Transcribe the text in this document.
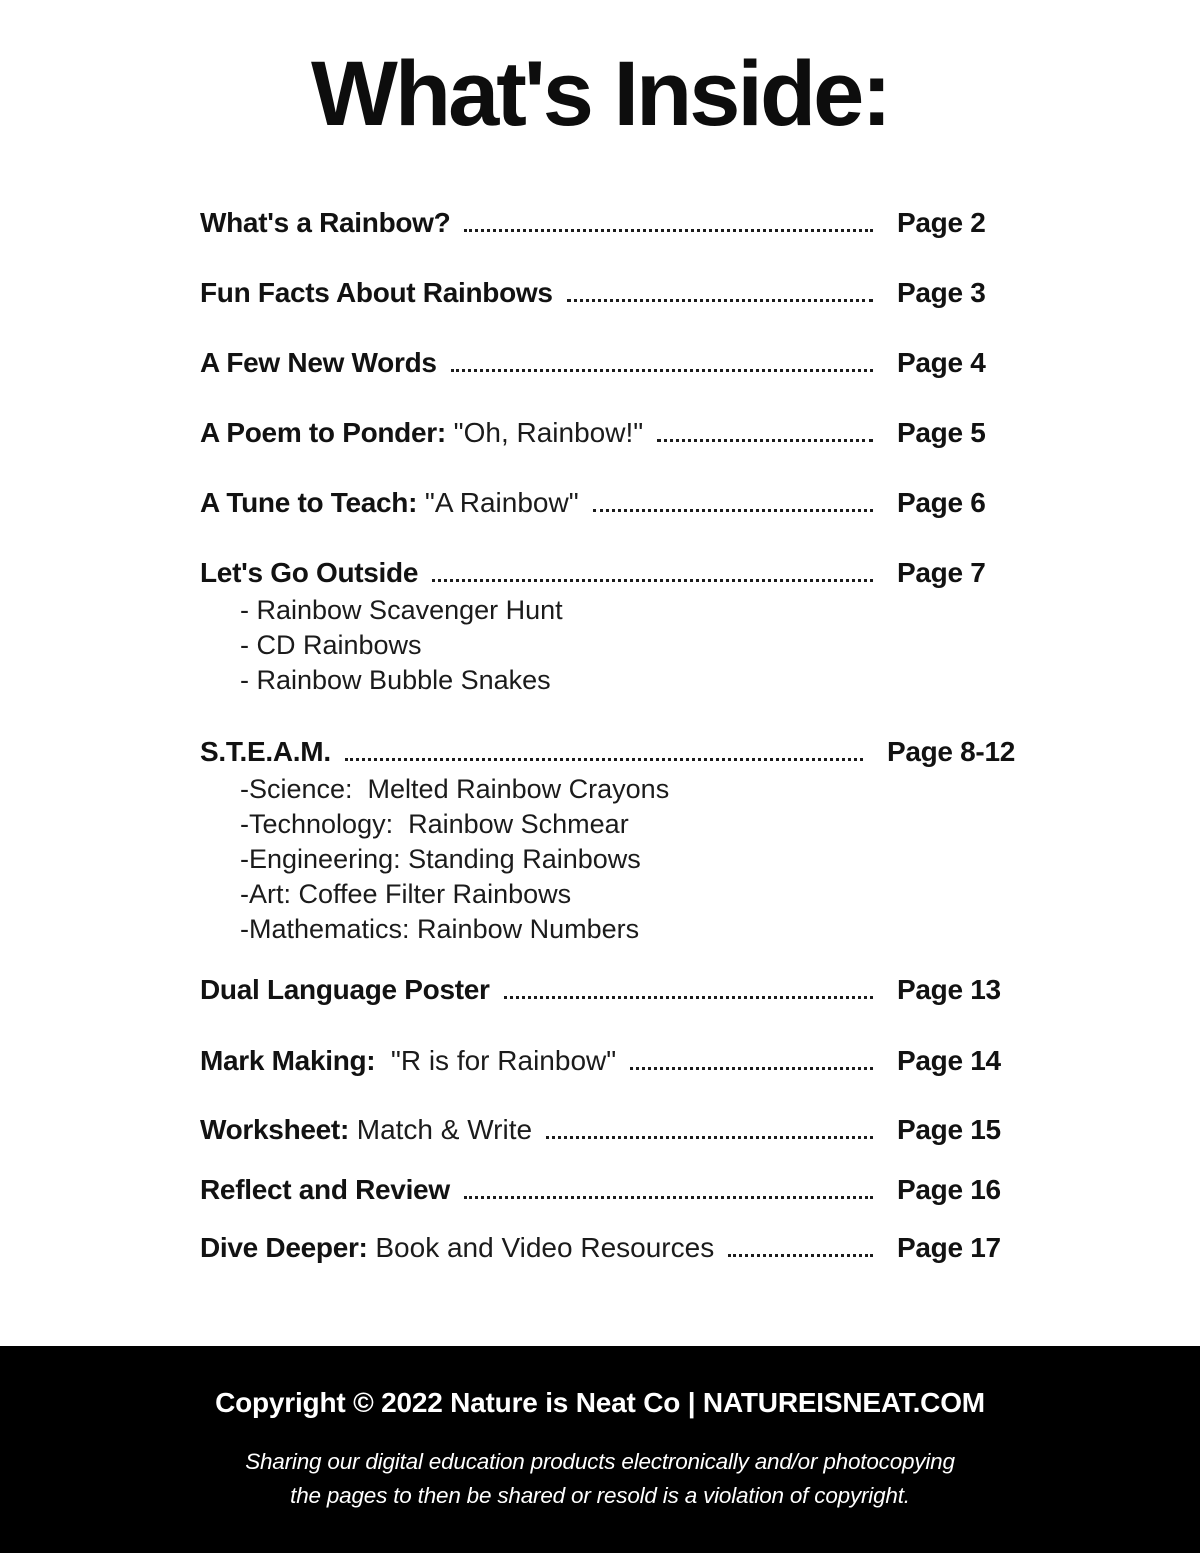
What's Inside:
What's a Rainbow?	Page 2
Fun Facts About Rainbows	Page 3
A Few New Words	Page 4
A Poem to Ponder: "Oh, Rainbow!"	Page 5
A Tune to Teach: "A Rainbow"	Page 6
Let's Go Outside	Page 7
- Rainbow Scavenger Hunt
- CD Rainbows
- Rainbow Bubble Snakes
S.T.E.A.M.	Page 8-12
-Science:  Melted Rainbow Crayons
-Technology:  Rainbow Schmear
-Engineering: Standing Rainbows
-Art: Coffee Filter Rainbows
-Mathematics: Rainbow Numbers
Dual Language Poster	Page 13
Mark Making: "R is for Rainbow"	Page 14
Worksheet: Match & Write	Page 15
Reflect and Review	Page 16
Dive Deeper: Book and Video Resources	Page 17
Copyright © 2022 Nature is Neat Co | NATUREISNEAT.COM
Sharing our digital education products electronically and/or photocopying
the pages to then be shared or resold is a violation of copyright.
